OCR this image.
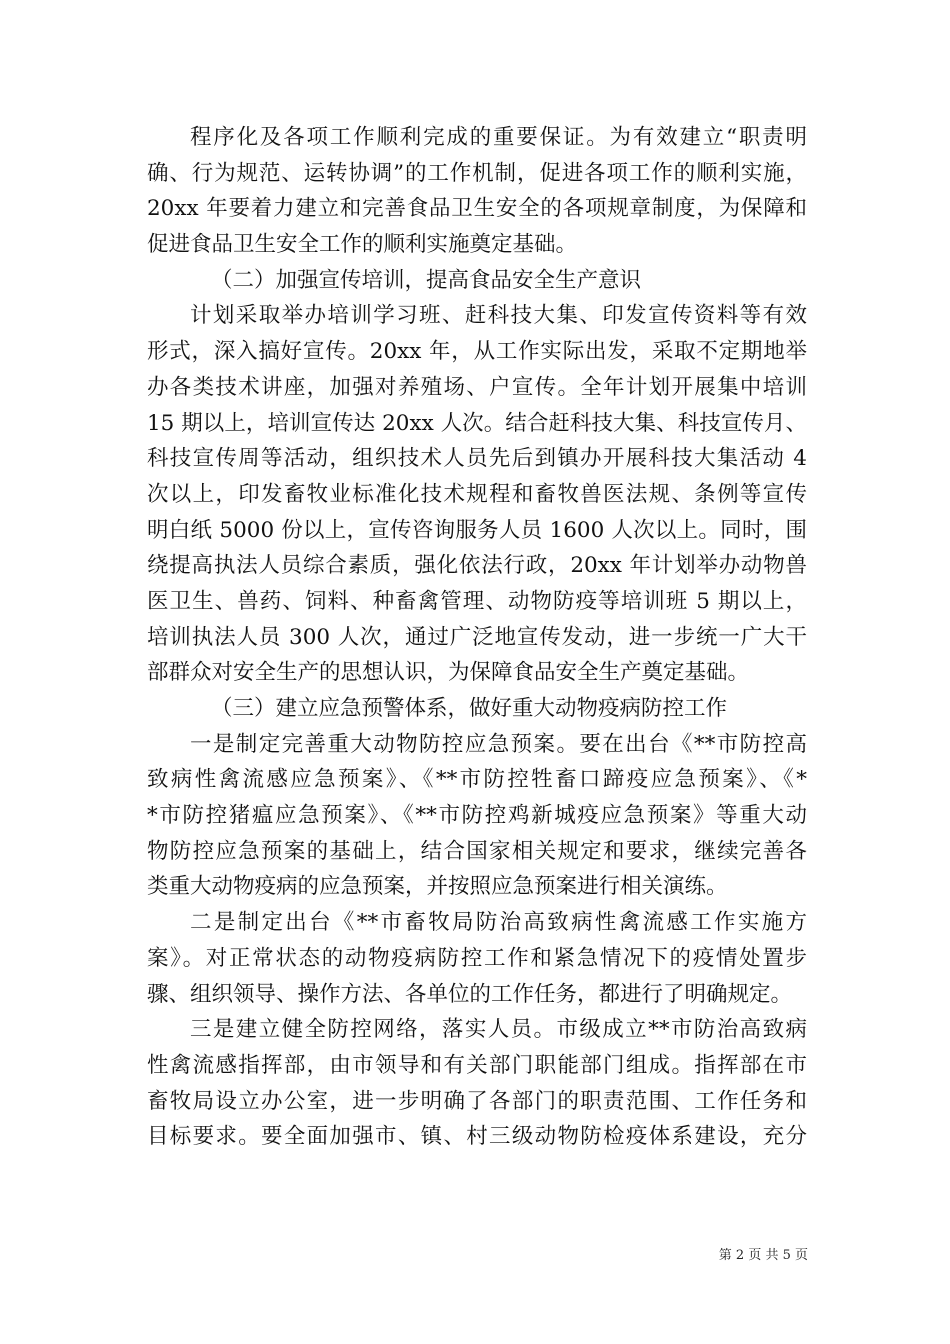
程序化及各项工作顺利完成的重要保证。为有效建立“职责明
确、行为规范、运转协调”的工作机制，促进各项工作的顺利实施，
20xx 年要着力建立和完善食品卫生安全的各项规章制度，为保障和
促进食品卫生安全工作的顺利实施奠定基础。
（二）加强宣传培训，提高食品安全生产意识
计划采取举办培训学习班、赶科技大集、印发宣传资料等有效
形式，深入搞好宣传。20xx 年，从工作实际出发，采取不定期地举
办各类技术讲座，加强对养殖场、户宣传。全年计划开展集中培训
15 期以上，培训宣传达 20xx 人次。结合赶科技大集、科技宣传月、
科技宣传周等活动，组织技术人员先后到镇办开展科技大集活动 4
次以上，印发畜牧业标准化技术规程和畜牧兽医法规、条例等宣传
明白纸 5000 份以上，宣传咨询服务人员 1600 人次以上。同时，围
绕提高执法人员综合素质，强化依法行政，20xx 年计划举办动物兽
医卫生、兽药、饲料、种畜禽管理、动物防疫等培训班 5 期以上，
培训执法人员 300 人次，通过广泛地宣传发动，进一步统一广大干
部群众对安全生产的思想认识，为保障食品安全生产奠定基础。
（三）建立应急预警体系，做好重大动物疫病防控工作
一是制定完善重大动物防控应急预案。要在出台《**市防控高
致病性禽流感应急预案》、《**市防控牲畜口蹄疫应急预案》、《*
*市防控猪瘟应急预案》、《**市防控鸡新城疫应急预案》等重大动
物防控应急预案的基础上，结合国家相关规定和要求，继续完善各
类重大动物疫病的应急预案，并按照应急预案进行相关演练。
二是制定出台《**市畜牧局防治高致病性禽流感工作实施方
案》。对正常状态的动物疫病防控工作和紧急情况下的疫情处置步
骤、组织领导、操作方法、各单位的工作任务，都进行了明确规定。
三是建立健全防控网络，落实人员。市级成立**市防治高致病
性禽流感指挥部，由市领导和有关部门职能部门组成。指挥部在市
畜牧局设立办公室，进一步明确了各部门的职责范围、工作任务和
目标要求。要全面加强市、镇、村三级动物防检疫体系建设，充分
第 2 页 共 5 页
